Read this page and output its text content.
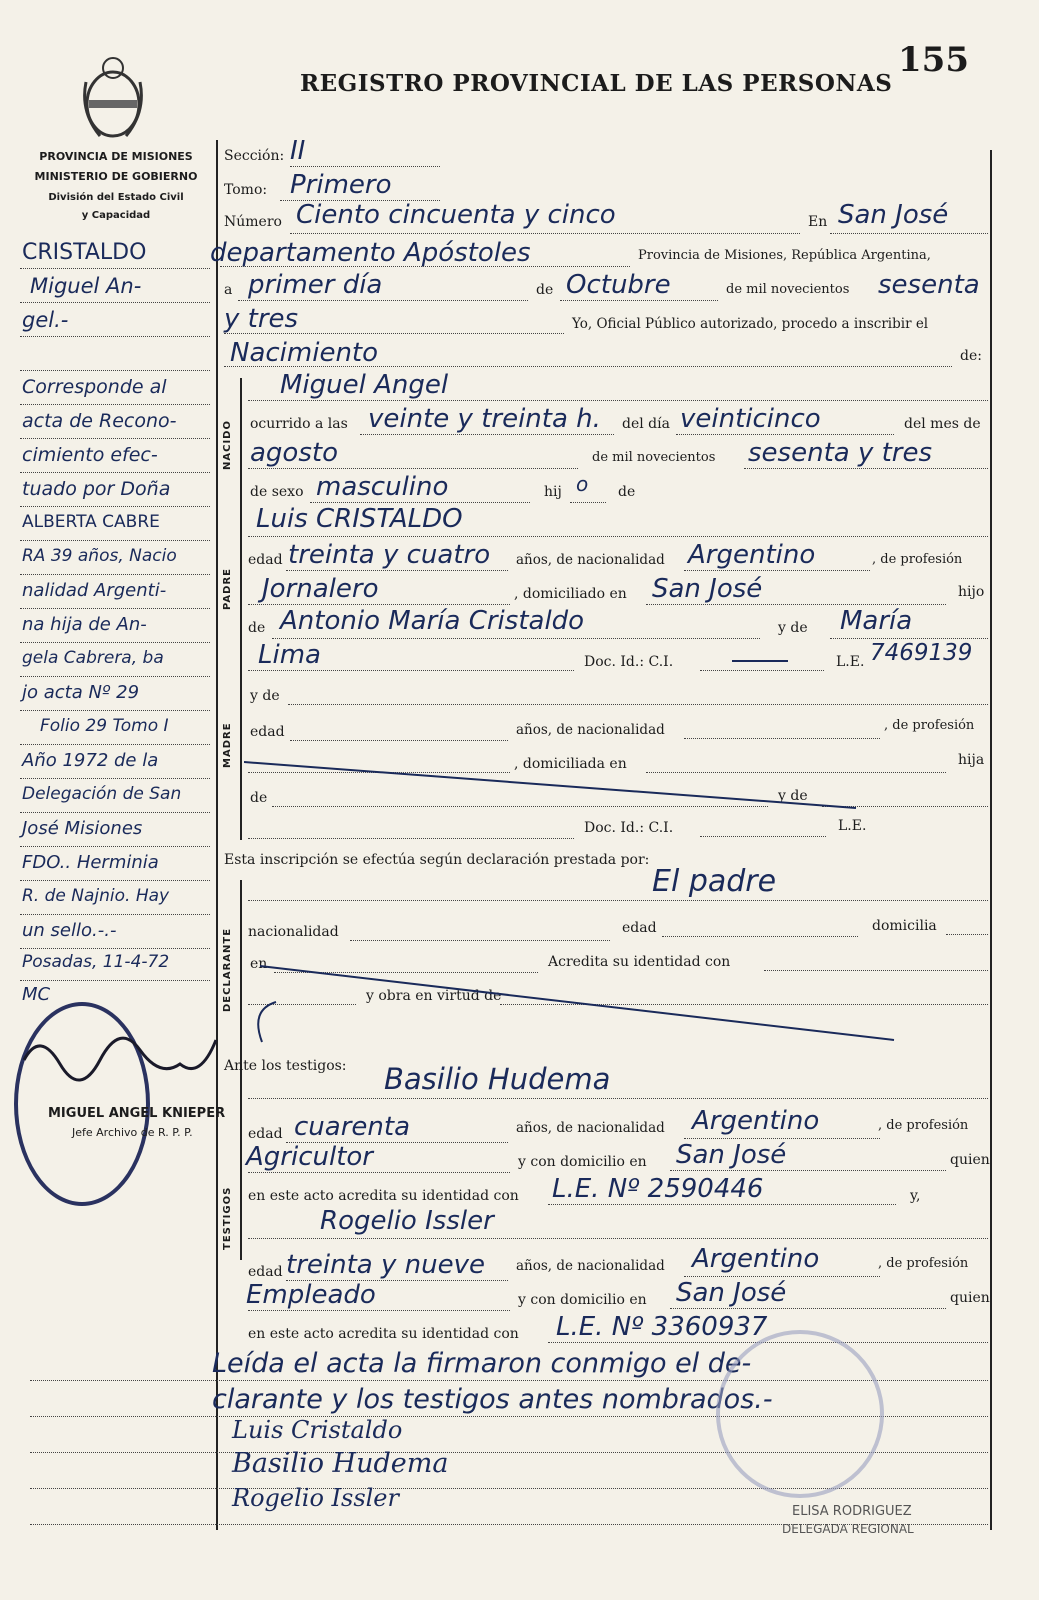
REGISTRO PROVINCIAL DE LAS PERSONAS
155
PROVINCIA DE MISIONES
MINISTERIO DE GOBIERNO
División del Estado Civil
y Capacidad
Sección: II
Tomo: Primero
Número Ciento cincuenta y cinco	En San José
departamento Apóstoles	Provincia de Misiones, República Argentina,
a primer día	de Octubre	de mil novecientos sesenta
y tres	Yo, Oficial Público autorizado, procedo a inscribir el
Nacimiento	de:
NACIDO
Miguel Angel
ocurrido a las veinte y treinta h. del día veinticinco	del mes de
agosto	de mil novecientos sesenta y tres
de sexo masculino	hij o de
PADRE
Luis CRISTALDO
edad treinta y cuatro años, de nacionalidad Argentino	, de profesión
Jornalero	, domiciliado en San José	hijo
de Antonio María Cristaldo	y de María
Lima	Doc. Id.: C.I.	L.E. 7469139
MADRE
y de
edad	años, de nacionalidad	, de profesión
, domiciliada en	hija
de	y de
Doc. Id.: C.I.	L.E.
Esta inscripción se efectúa según declaración prestada por:
El padre
DECLARANTE nacionalidad	edad	domicilia
en	Acredita su identidad con
y obra en virtud de
TESTIGOS
Ante los testigos: Basilio Hudema
edad cuarenta	años, de nacionalidad Argentino	, de profesión
Agricultor	y con domicilio en San José	quien
en este acto acredita su identidad con L.E. Nº 2590446	y,
Rogelio Issler
edad treinta y nueve años, de nacionalidad Argentino	, de profesión
Empleado	y con domicilio en San José	quien
en este acto acredita su identidad con L.E. Nº 3360937
Leída el acta la firmaron conmigo el de-
clarante y los testigos antes nombrados.-
Luis Cristaldo
Basilio Hudema
Rogelio Issler	ELISA RODRIGUEZ
DELEGADA REGIONAL
CRISTALDO
Miguel An-
gel.-
Corresponde al
acta de Recono-
cimiento efec-
tuado por Doña
ALBERTA CABRE
RA 39 años, Nacio
nalidad Argenti-
na hija de An-
gela Cabrera, ba
jo acta Nº 29
Folio 29 Tomo I
Año 1972 de la
Delegación de San
José Misiones
FDO.. Herminia
R. de Najnio. Hay
un sello.-.-
Posadas, 11-4-72
MC
MIGUEL ANGEL KNIEPER
Jefe Archivo de R. P. P.
